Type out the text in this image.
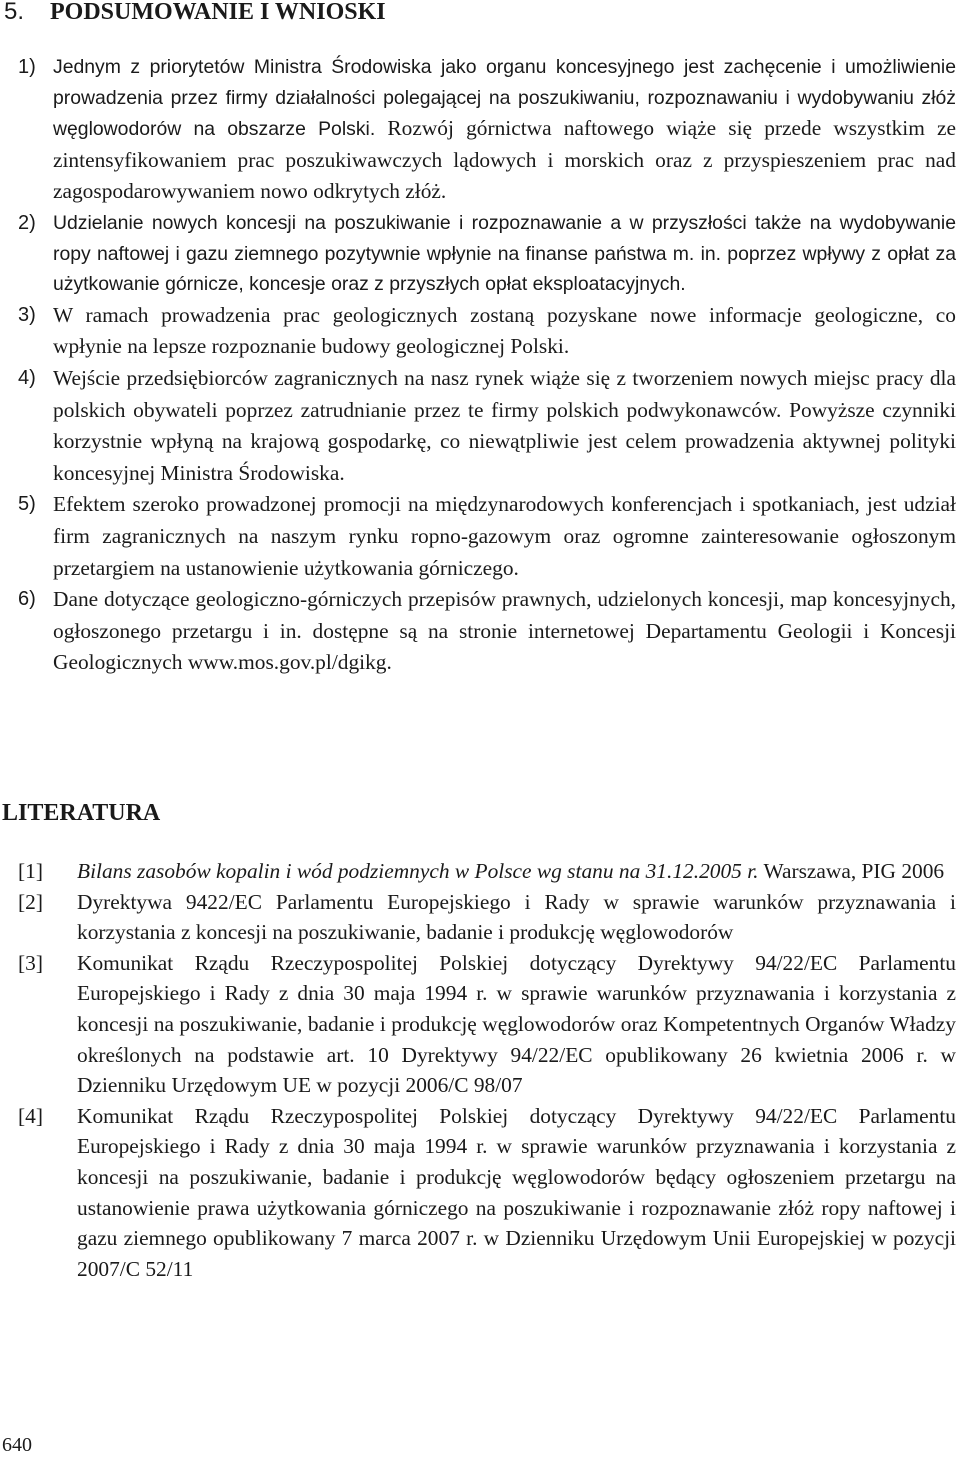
5. PODSUMOWANIE I WNIOSKI
1) Jednym z priorytetów Ministra Środowiska jako organu koncesyjnego jest zachęcenie i umożliwienie prowadzenia przez firmy działalności polegającej na poszukiwaniu, rozpoznawaniu i wydobywaniu złóż węglowodorów na obszarze Polski. Rozwój górnictwa naftowego wiąże się przede wszystkim ze zintensyfikowaniem prac poszukiwawczych lądowych i morskich oraz z przyspieszeniem prac nad zagospodarowywaniem nowo odkrytych złóż.
2) Udzielanie nowych koncesji na poszukiwanie i rozpoznawanie a w przyszłości także na wydobywanie ropy naftowej i gazu ziemnego pozytywnie wpłynie na finanse państwa m. in. poprzez wpływy z opłat za użytkowanie górnicze, koncesje oraz z przyszłych opłat eksploatacyjnych.
3) W ramach prowadzenia prac geologicznych zostaną pozyskane nowe informacje geologiczne, co wpłynie na lepsze rozpoznanie budowy geologicznej Polski.
4) Wejście przedsiębiorców zagranicznych na nasz rynek wiąże się z tworzeniem nowych miejsc pracy dla polskich obywateli poprzez zatrudnianie przez te firmy polskich podwykonawców. Powyższe czynniki korzystnie wpłyną na krajową gospodarkę, co niewątpliwie jest celem prowadzenia aktywnej polityki koncesyjnej Ministra Środowiska.
5) Efektem szeroko prowadzonej promocji na międzynarodowych konferencjach i spotkaniach, jest udział firm zagranicznych na naszym rynku ropno-gazowym oraz ogromne zainteresowanie ogłoszonym przetargiem na ustanowienie użytkowania górniczego.
6) Dane dotyczące geologiczno-górniczych przepisów prawnych, udzielonych koncesji, map koncesyjnych, ogłoszonego przetargu i in. dostępne są na stronie internetowej Departamentu Geologii i Koncesji Geologicznych www.mos.gov.pl/dgikg.
LITERATURA
[1]	Bilans zasobów kopalin i wód podziemnych w Polsce wg stanu na 31.12.2005 r. Warszawa, PIG 2006
[2]	Dyrektywa 9422/EC Parlamentu Europejskiego i Rady w sprawie warunków przyznawania i korzystania z koncesji na poszukiwanie, badanie i produkcję węglowodorów
[3]	Komunikat Rządu Rzeczypospolitej Polskiej dotyczący Dyrektywy 94/22/EC Parlamentu Europejskiego i Rady z dnia 30 maja 1994 r. w sprawie warunków przyznawania i korzystania z koncesji na poszukiwanie, badanie i produkcję węglowodorów oraz Kompetentnych Organów Władzy określonych na podstawie art. 10 Dyrektywy 94/22/EC opublikowany 26 kwietnia 2006 r. w Dzienniku Urzędowym UE w pozycji 2006/C 98/07
[4]	Komunikat Rządu Rzeczypospolitej Polskiej dotyczący Dyrektywy 94/22/EC Parlamentu Europejskiego i Rady z dnia 30 maja 1994 r. w sprawie warunków przyznawania i korzystania z koncesji na poszukiwanie, badanie i produkcję węglowodorów będący ogłoszeniem przetargu na ustanowienie prawa użytkowania górniczego na poszukiwanie i rozpoznawanie złóż ropy naftowej i gazu ziemnego opublikowany 7 marca 2007 r. w Dzienniku Urzędowym Unii Europejskiej w pozycji 2007/C 52/11
640
